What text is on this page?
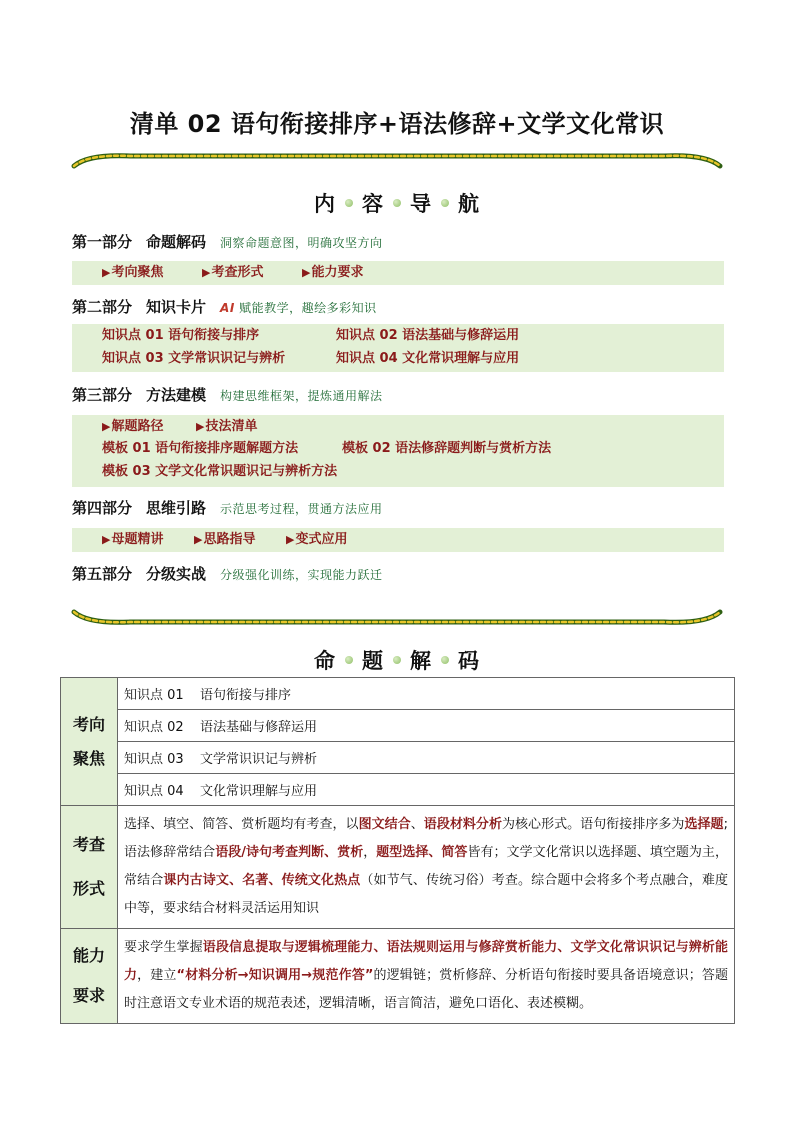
清单 02 语句衔接排序+语法修辞+文学文化常识
内 容 导 航
第一部分 命题解码 洞察命题意图，明确攻坚方向
▶考向聚焦	▶考查形式	▶能力要求
第二部分 知识卡片 AI 赋能教学，趣绘多彩知识
知识点 01 语句衔接与排序	知识点 02 语法基础与修辞运用
知识点 03 文学常识识记与辨析	知识点 04 文化常识理解与应用
第三部分 方法建模 构建思维框架，提炼通用解法
▶解题路径	▶技法清单
模板 01 语句衔接排序题解题方法	模板 02 语法修辞题判断与赏析方法
模板 03 文学文化常识题识记与辨析方法
第四部分 思维引路 示范思考过程，贯通方法应用
▶母题精讲	▶思路指导	▶变式应用
第五部分 分级实战 分级强化训练，实现能力跃迁
命 题 解 码
考向
聚焦	知识点 01 语句衔接与排序
	知识点 02 语法基础与修辞运用
	知识点 03 文学常识识记与辨析
	知识点 04 文化常识理解与应用
考查
形式	选择、填空、简答、赏析题均有考查，以图文结合、语段材料分析为核心形式。语句衔接排序多为选择题; 语法修辞常结合语段/诗句考查判断、赏析，题型选择、简答皆有；文学文化常识以选择题、填空题为主，常结合课内古诗文、名著、传统文化热点（如节气、传统习俗）考查。综合题中会将多个考点融合，难度中等，要求结合材料灵活运用知识
能力
要求	要求学生掌握语段信息提取与逻辑梳理能力、语法规则运用与修辞赏析能力、文学文化常识识记与辨析能力，建立“材料分析→知识调用→规范作答”的逻辑链；赏析修辞、分析语句衔接时要具备语境意识；答题时注意语文专业术语的规范表述，逻辑清晰，语言简洁，避免口语化、表述模糊。
